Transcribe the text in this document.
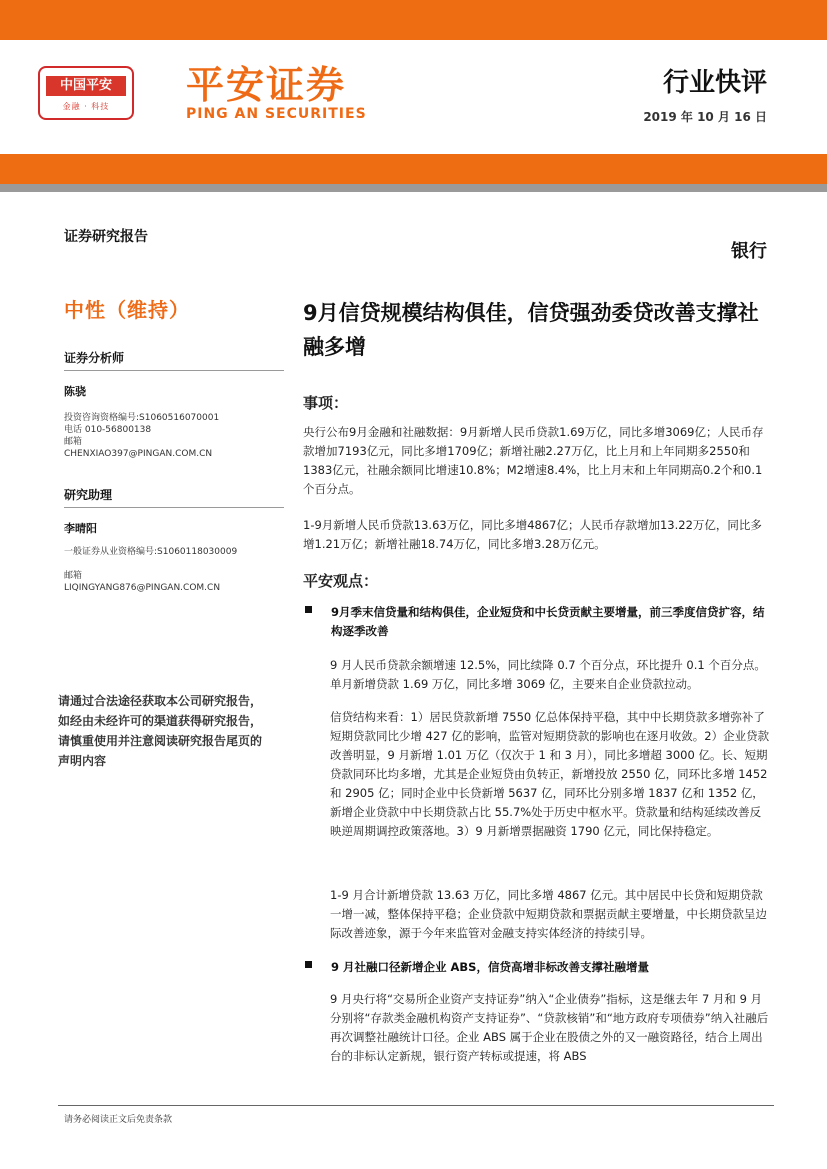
中国平安
金融 · 科技	平安证券
PING AN SECURITIES
行业快评
2019 年 10 月 16 日
证券研究报告
中性（维持）
证券分析师
陈骁
投资咨询资格编号:S1060516070001
电话 010-56800138
邮箱
CHENXIAO397@PINGAN.COM.CN
研究助理
李晴阳
一般证券从业资格编号:S1060118030009
邮箱
LIQINGYANG876@PINGAN.COM.CN
请通过合法途径获取本公司研究报告，如经由未经许可的渠道获得研究报告，请慎重使用并注意阅读研究报告尾页的声明内容
银行
9月信贷规模结构俱佳，信贷强劲委贷改善支撑社融多增
事项：
央行公布9月金融和社融数据：9月新增人民币贷款1.69万亿，同比多增3069亿；人民币存款增加7193亿元，同比多增1709亿；新增社融2.27万亿，比上月和上年同期多2550和1383亿元，社融余额同比增速10.8%；M2增速8.4%，比上月末和上年同期高0.2个和0.1个百分点。
1-9月新增人民币贷款13.63万亿，同比多增4867亿；人民币存款增加13.22万亿，同比多增1.21万亿；新增社融18.74万亿，同比多增3.28万亿元。
平安观点：
9月季末信贷量和结构俱佳，企业短贷和中长贷贡献主要增量，前三季度信贷扩容，结构逐季改善
9 月人民币贷款余额增速 12.5%，同比续降 0.7 个百分点，环比提升 0.1 个百分点。单月新增贷款 1.69 万亿，同比多增 3069 亿，主要来自企业贷款拉动。
信贷结构来看：1）居民贷款新增 7550 亿总体保持平稳，其中中长期贷款多增弥补了短期贷款同比少增 427 亿的影响，监管对短期贷款的影响也在逐月收敛。2）企业贷款改善明显，9 月新增 1.01 万亿（仅次于 1 和 3 月），同比多增超 3000 亿。长、短期贷款同环比均多增，尤其是企业短贷由负转正，新增投放 2550 亿，同环比多增 1452 和 2905 亿；同时企业中长贷新增 5637 亿，同环比分别多增 1837 亿和 1352 亿，新增企业贷款中中长期贷款占比 55.7%处于历史中枢水平。贷款量和结构延续改善反映逆周期调控政策落地。3）9 月新增票据融资 1790 亿元，同比保持稳定。
1-9 月合计新增贷款 13.63 万亿，同比多增 4867 亿元。其中居民中长贷和短期贷款一增一减，整体保持平稳；企业贷款中短期贷款和票据贡献主要增量，中长期贷款呈边际改善迹象，源于今年来监管对金融支持实体经济的持续引导。
9 月社融口径新增企业 ABS，信贷高增非标改善支撑社融增量
9 月央行将“交易所企业资产支持证券”纳入“企业债券”指标，这是继去年 7 月和 9 月分别将“存款类金融机构资产支持证券”、“贷款核销”和“地方政府专项债券”纳入社融后再次调整社融统计口径。企业 ABS 属于企业在股债之外的又一融资路径，结合上周出台的非标认定新规，银行资产转标或提速，将 ABS
请务必阅读正文后免责条款
